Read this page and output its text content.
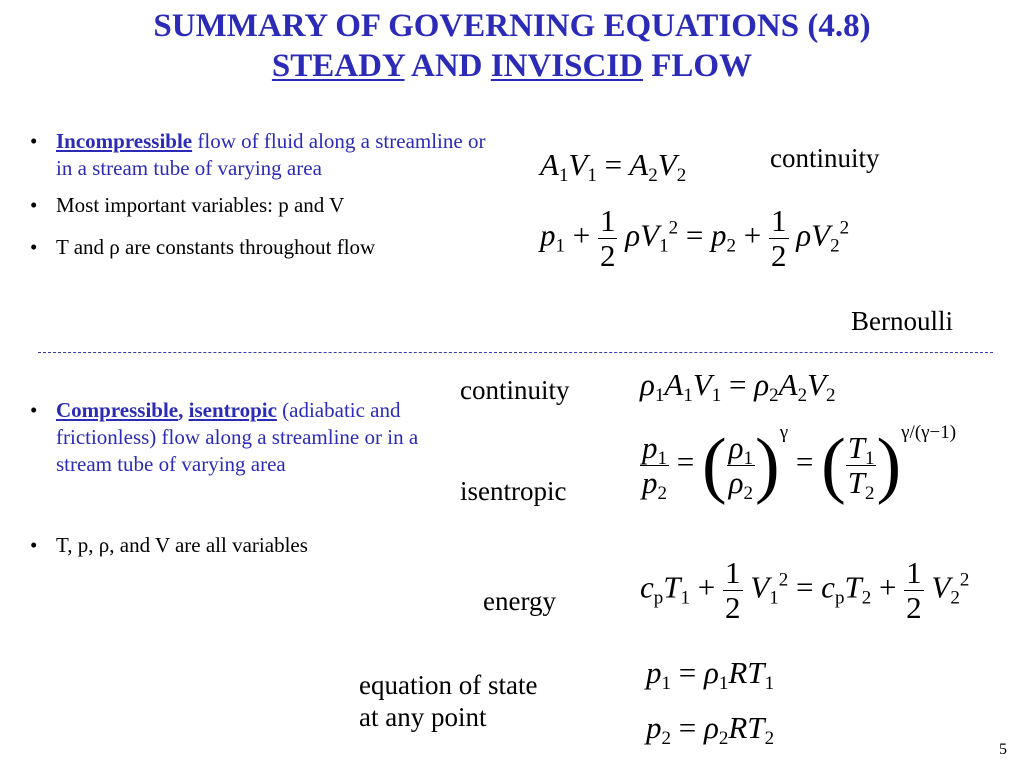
SUMMARY OF GOVERNING EQUATIONS (4.8)
STEADY AND INVISCID FLOW

• Incompressible flow of fluid along a streamline or in a stream tube of varying area

• Most important variables: p and V

• T and ρ are constants throughout flow

continuity
Bernoulli
$A_1V_1 = A_2V_2$
$p_1 + \frac{1}{2} \rho V_1^2 = p_2 + \frac{1}{2} \rho V_2^2$

• Compressible, isentropic (adiabatic and frictionless) flow along a streamline or in a stream tube of varying area

• T, p, ρ, and V are all variables

continuity
isentropic
energy
equation of state
at any point
$\rho_1A_1V_1 = \rho_2A_2V_2$
$\frac{p_1}{p_2}$ = ( $\frac{\rho_1}{\rho_2} )^\gamma$ = ( $\frac{T_1}{T_2} )^{\gamma/(\gamma-1)}$
$c_pT_1 + \frac{1}{2} V_1^2 = c_pT_2 + \frac{1}{2} V_2^2$
$p_1 = \rho_1RT_1$
$p_2 = \rho_2RT_2$
5
